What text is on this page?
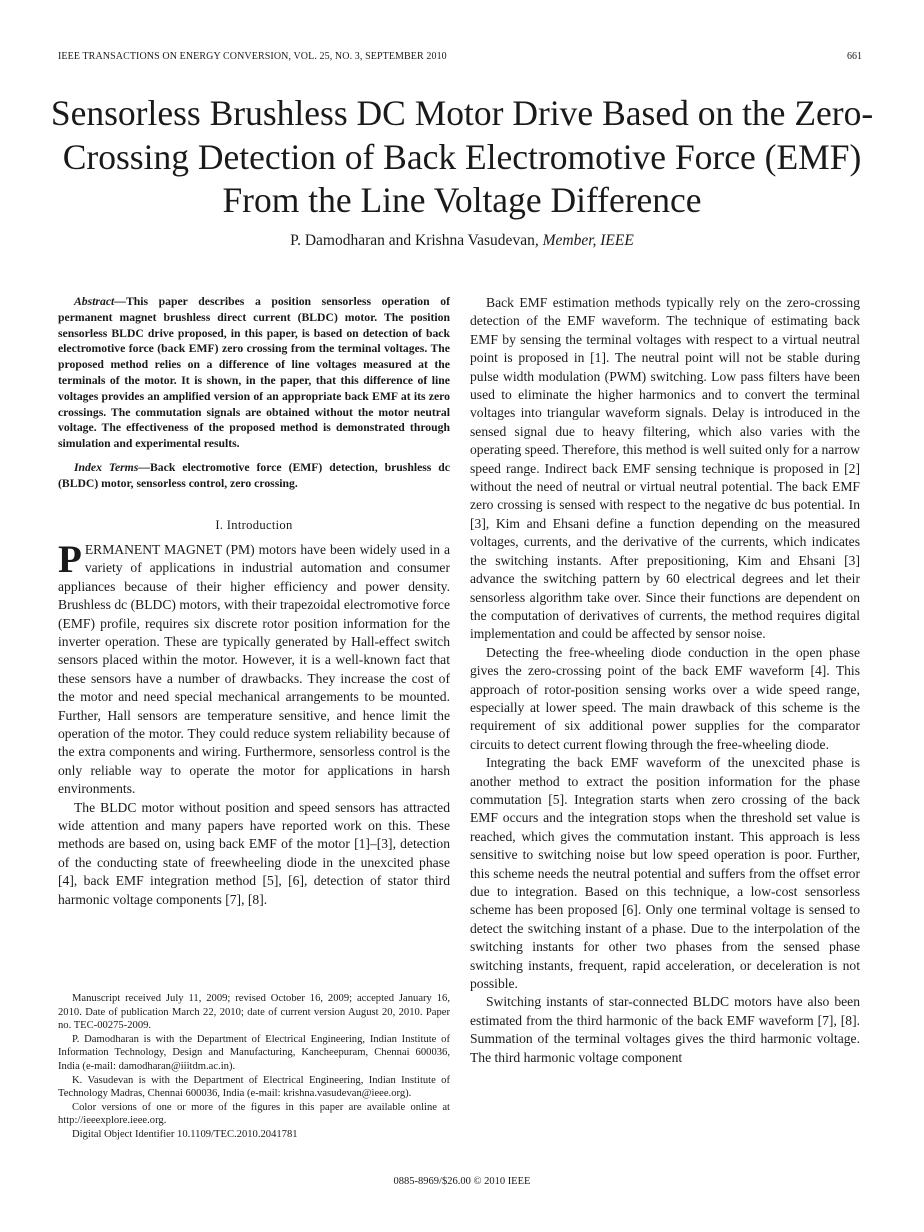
IEEE TRANSACTIONS ON ENERGY CONVERSION, VOL. 25, NO. 3, SEPTEMBER 2010	661
Sensorless Brushless DC Motor Drive Based on the Zero-Crossing Detection of Back Electromotive Force (EMF) From the Line Voltage Difference
P. Damodharan and Krishna Vasudevan, Member, IEEE

Abstract—This paper describes a position sensorless operation of permanent magnet brushless direct current (BLDC) motor. The position sensorless BLDC drive proposed, in this paper, is based on detection of back electromotive force (back EMF) zero crossing from the terminal voltages. The proposed method relies on a difference of line voltages measured at the terminals of the motor. It is shown, in the paper, that this difference of line voltages provides an amplified version of an appropriate back EMF at its zero crossings. The commutation signals are obtained without the motor neutral voltage. The effectiveness of the proposed method is demonstrated through simulation and experimental results.

Index Terms—Back electromotive force (EMF) detection, brushless dc (BLDC) motor, sensorless control, zero crossing.

I. Introduction

PERMANENT MAGNET (PM) motors have been widely used in a variety of applications in industrial automation and consumer appliances because of their higher efficiency and power density. Brushless dc (BLDC) motors, with their trapezoidal electromotive force (EMF) profile, requires six discrete rotor position information for the inverter operation. These are typically generated by Hall-effect switch sensors placed within the motor. However, it is a well-known fact that these sensors have a number of drawbacks. They increase the cost of the motor and need special mechanical arrangements to be mounted. Further, Hall sensors are temperature sensitive, and hence limit the operation of the motor. They could reduce system reliability because of the extra components and wiring. Furthermore, sensorless control is the only reliable way to operate the motor for applications in harsh environments.

The BLDC motor without position and speed sensors has attracted wide attention and many papers have reported work on this. These methods are based on, using back EMF of the motor [1]–[3], detection of the conducting state of freewheeling diode in the unexcited phase [4], back EMF integration method [5], [6], detection of stator third harmonic voltage components [7], [8].

Manuscript received July 11, 2009; revised October 16, 2009; accepted January 16, 2010. Date of publication March 22, 2010; date of current version August 20, 2010. Paper no. TEC-00275-2009.

P. Damodharan is with the Department of Electrical Engineering, Indian Institute of Information Technology, Design and Manufacturing, Kancheepuram, Chennai 600036, India (e-mail: damodharan@iiitdm.ac.in).

K. Vasudevan is with the Department of Electrical Engineering, Indian Institute of Technology Madras, Chennai 600036, India (e-mail: krishna.vasudevan@ieee.org).

Color versions of one or more of the figures in this paper are available online at http://ieeexplore.ieee.org.

Digital Object Identifier 10.1109/TEC.2010.2041781

Back EMF estimation methods typically rely on the zero-crossing detection of the EMF waveform. The technique of estimating back EMF by sensing the terminal voltages with respect to a virtual neutral point is proposed in [1]. The neutral point will not be stable during pulse width modulation (PWM) switching. Low pass filters have been used to eliminate the higher harmonics and to convert the terminal voltages into triangular waveform signals. Delay is introduced in the sensed signal due to heavy filtering, which also varies with the operating speed. Therefore, this method is well suited only for a narrow speed range. Indirect back EMF sensing technique is proposed in [2] without the need of neutral or virtual neutral potential. The back EMF zero crossing is sensed with respect to the negative dc bus potential. In [3], Kim and Ehsani define a function depending on the measured voltages, currents, and the derivative of the currents, which indicates the switching instants. After prepositioning, Kim and Ehsani [3] advance the switching pattern by 60 electrical degrees and let their sensorless algorithm take over. Since their functions are dependent on the computation of derivatives of currents, the method requires digital implementation and could be affected by sensor noise.

Detecting the free-wheeling diode conduction in the open phase gives the zero-crossing point of the back EMF waveform [4]. This approach of rotor-position sensing works over a wide speed range, especially at lower speed. The main drawback of this scheme is the requirement of six additional power supplies for the comparator circuits to detect current flowing through the free-wheeling diode.

Integrating the back EMF waveform of the unexcited phase is another method to extract the position information for the phase commutation [5]. Integration starts when zero crossing of the back EMF occurs and the integration stops when the threshold set value is reached, which gives the commutation instant. This approach is less sensitive to switching noise but low speed operation is poor. Further, this scheme needs the neutral potential and suffers from the offset error due to integration. Based on this technique, a low-cost sensorless scheme has been proposed [6]. Only one terminal voltage is sensed to detect the switching instant of a phase. Due to the interpolation of the switching instants for other two phases from the sensed phase switching instants, frequent, rapid acceleration, or deceleration is not possible.

Switching instants of star-connected BLDC motors have also been estimated from the third harmonic of the back EMF waveform [7], [8]. Summation of the terminal voltages gives the third harmonic voltage. The third harmonic voltage component

0885-8969/$26.00 © 2010 IEEE
